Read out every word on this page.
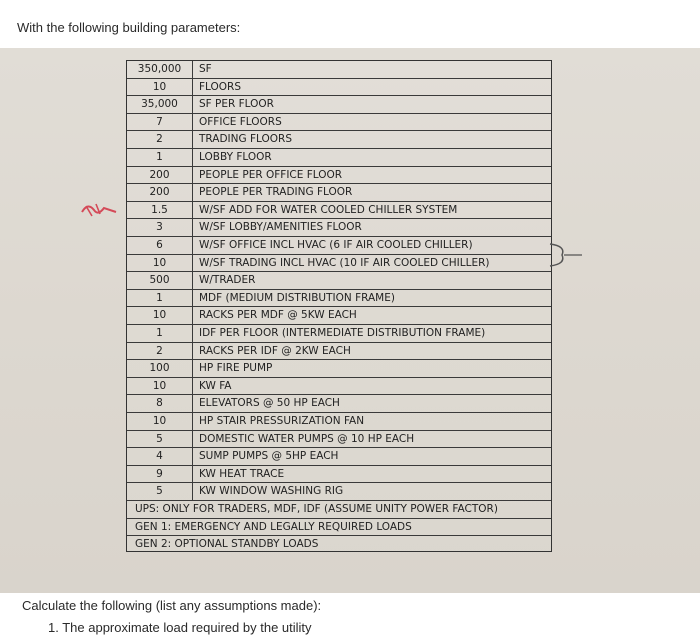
With the following building parameters:
350,000	SF
10	FLOORS
35,000	SF PER FLOOR
7	OFFICE FLOORS
2	TRADING FLOORS
1	LOBBY FLOOR
200	PEOPLE PER OFFICE FLOOR
200	PEOPLE PER TRADING FLOOR
1.5	W/SF ADD FOR WATER COOLED CHILLER SYSTEM
3	W/SF LOBBY/AMENITIES FLOOR
6	W/SF OFFICE INCL HVAC (6 IF AIR COOLED CHILLER)
10	W/SF TRADING INCL HVAC (10 IF AIR COOLED CHILLER)
500	W/TRADER
1	MDF (MEDIUM DISTRIBUTION FRAME)
10	RACKS PER MDF @ 5KW EACH
1	IDF PER FLOOR (INTERMEDIATE DISTRIBUTION FRAME)
2	RACKS PER IDF @ 2KW EACH
100	HP FIRE PUMP
10	KW FA
8	ELEVATORS @ 50 HP EACH
10	HP STAIR PRESSURIZATION FAN
5	DOMESTIC WATER PUMPS @ 10 HP EACH
4	SUMP PUMPS @ 5HP EACH
9	KW HEAT TRACE
5	KW WINDOW WASHING RIG
UPS: ONLY FOR TRADERS, MDF, IDF (ASSUME UNITY POWER FACTOR)
GEN 1: EMERGENCY AND LEGALLY REQUIRED LOADS
GEN 2: OPTIONAL STANDBY LOADS
Calculate the following (list any assumptions made):
1. The approximate load required by the utility
